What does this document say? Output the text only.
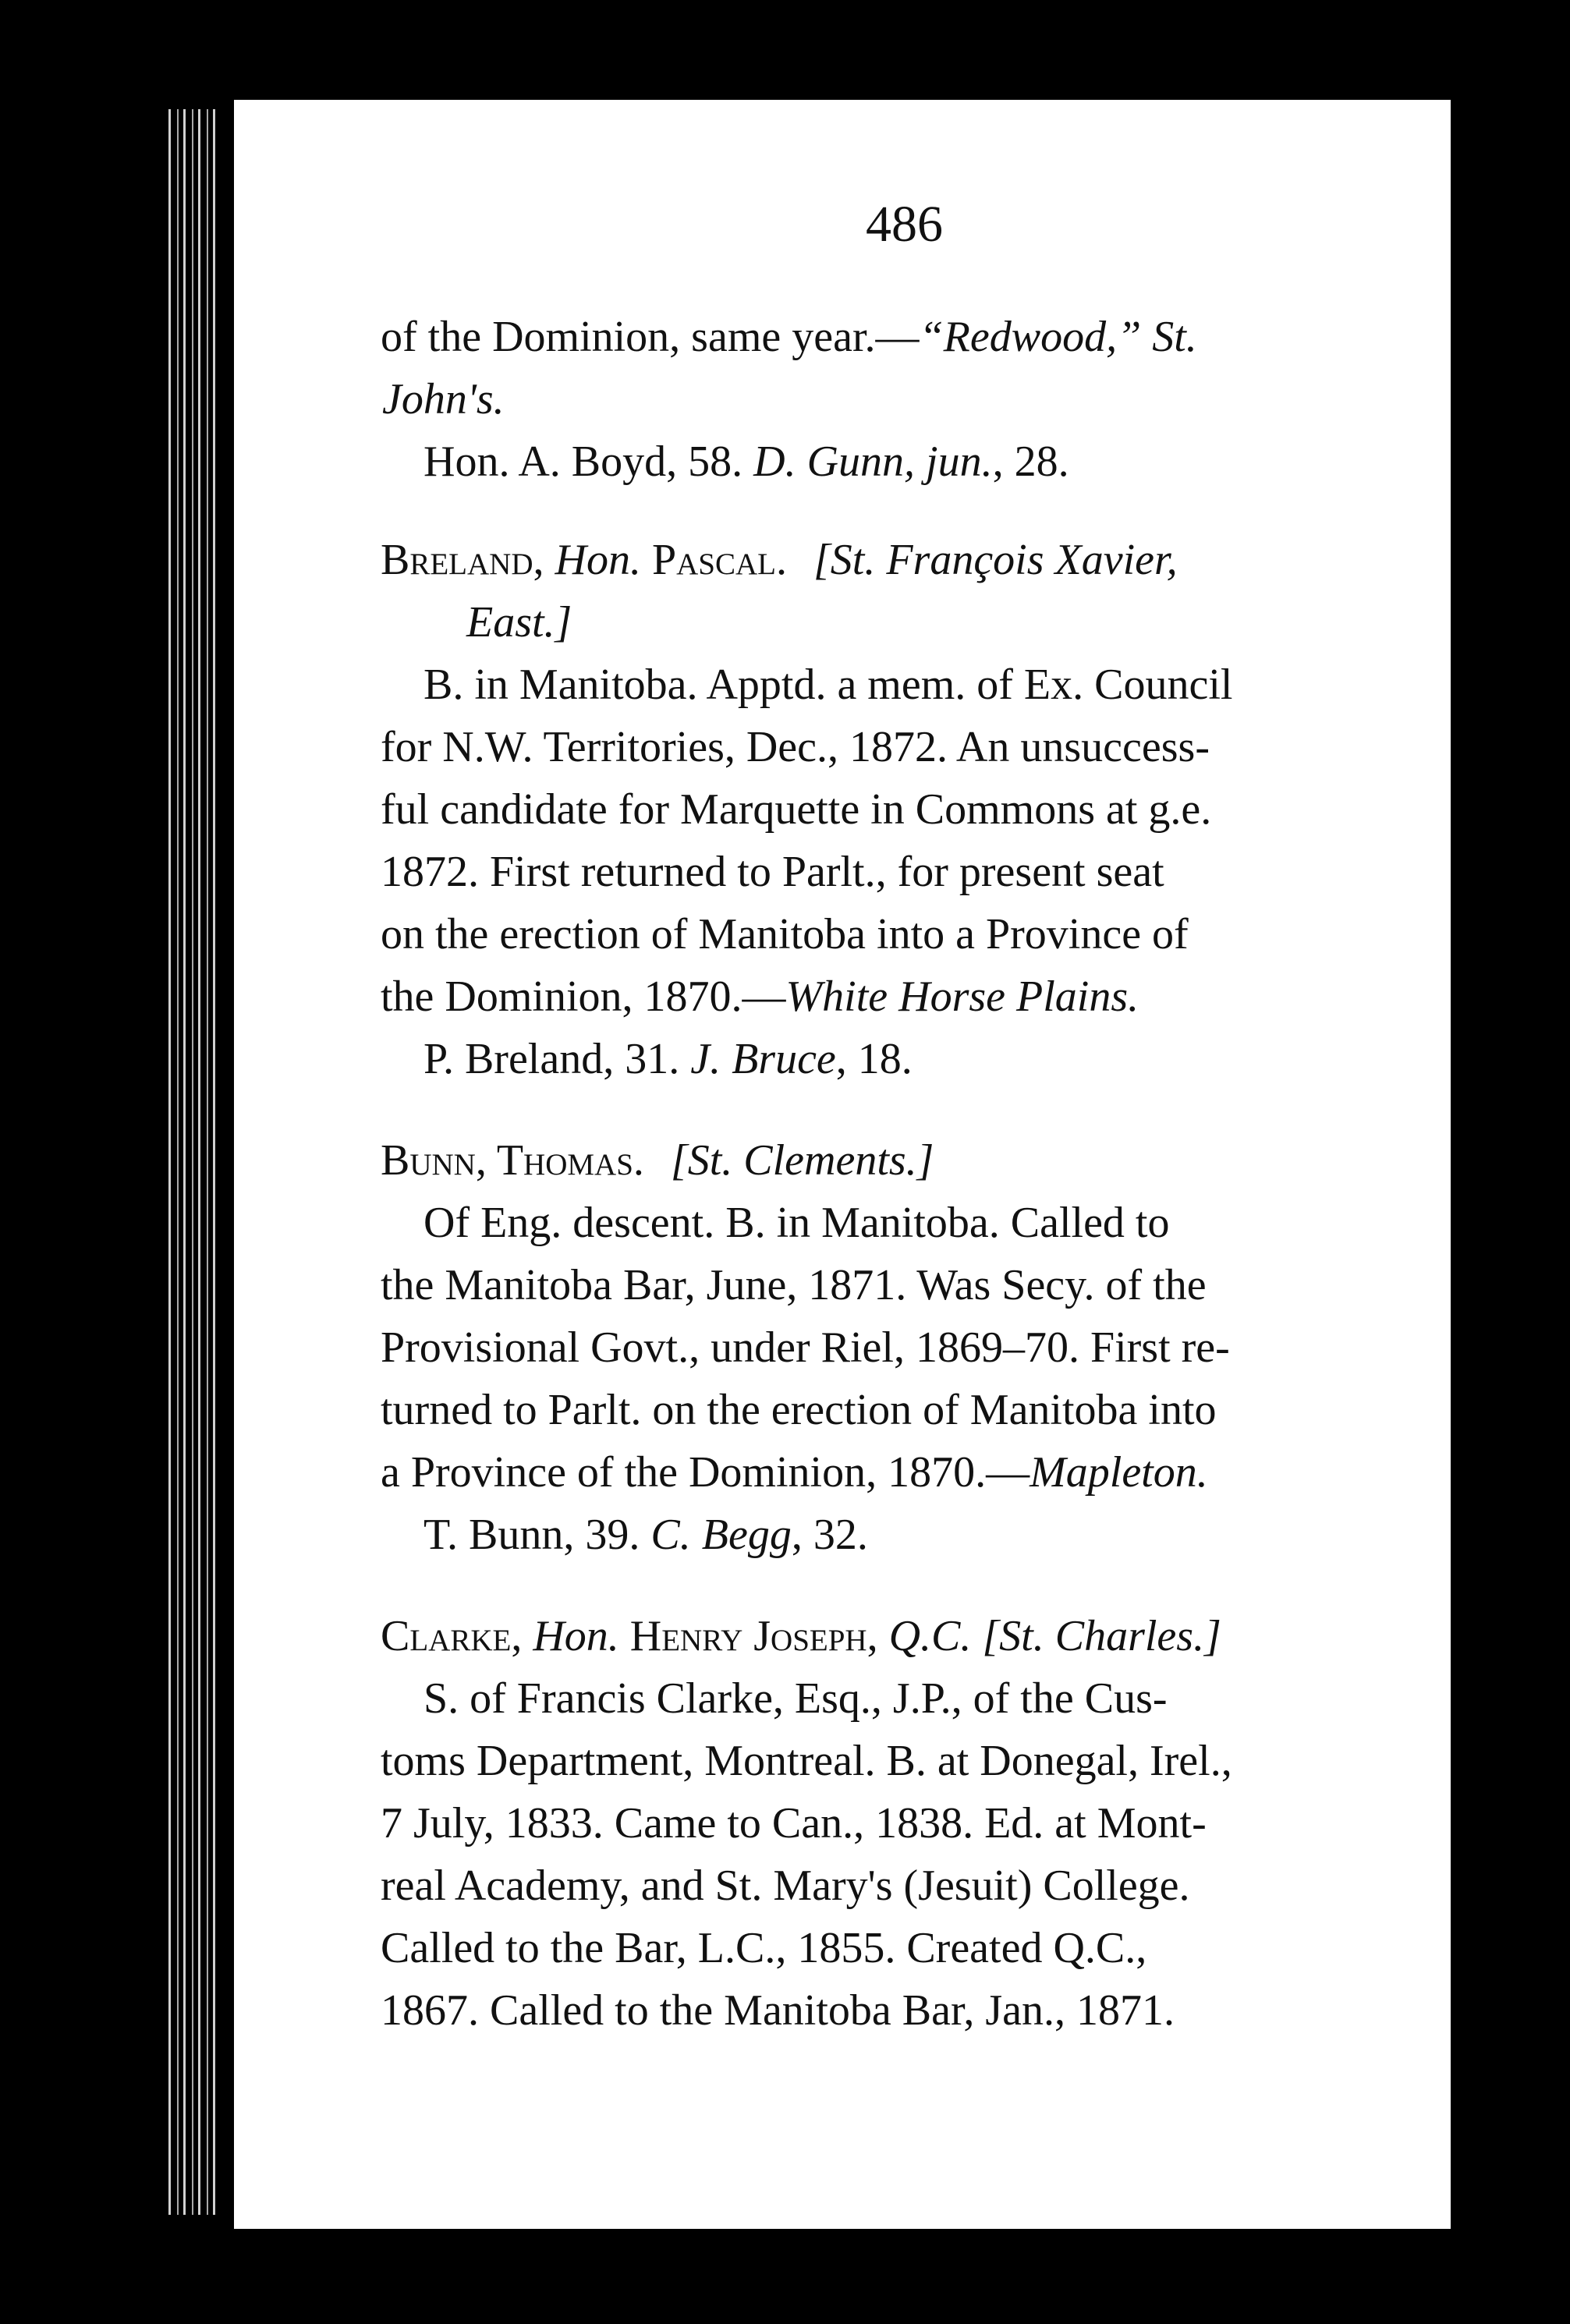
486
of the Dominion, same year.—“Redwood,” St.
John's.
Hon. A. Boyd, 58. D. Gunn, jun., 28.
Breland, Hon. Pascal. [St. François Xavier,
East.]
B. in Manitoba. Apptd. a mem. of Ex. Council
for N.W. Territories, Dec., 1872. An unsuccess-
ful candidate for Marquette in Commons at g.e.
1872. First returned to Parlt., for present seat
on the erection of Manitoba into a Province of
the Dominion, 1870.—White Horse Plains.
P. Breland, 31. J. Bruce, 18.
Bunn, Thomas. [St. Clements.]
Of Eng. descent. B. in Manitoba. Called to
the Manitoba Bar, June, 1871. Was Secy. of the
Provisional Govt., under Riel, 1869–70. First re-
turned to Parlt. on the erection of Manitoba into
a Province of the Dominion, 1870.—Mapleton.
T. Bunn, 39. C. Begg, 32.
Clarke, Hon. Henry Joseph, Q.C. [St. Charles.]
S. of Francis Clarke, Esq., J.P., of the Cus-
toms Department, Montreal. B. at Donegal, Irel.,
7 July, 1833. Came to Can., 1838. Ed. at Mont-
real Academy, and St. Mary's (Jesuit) College.
Called to the Bar, L.C., 1855. Created Q.C.,
1867. Called to the Manitoba Bar, Jan., 1871.
